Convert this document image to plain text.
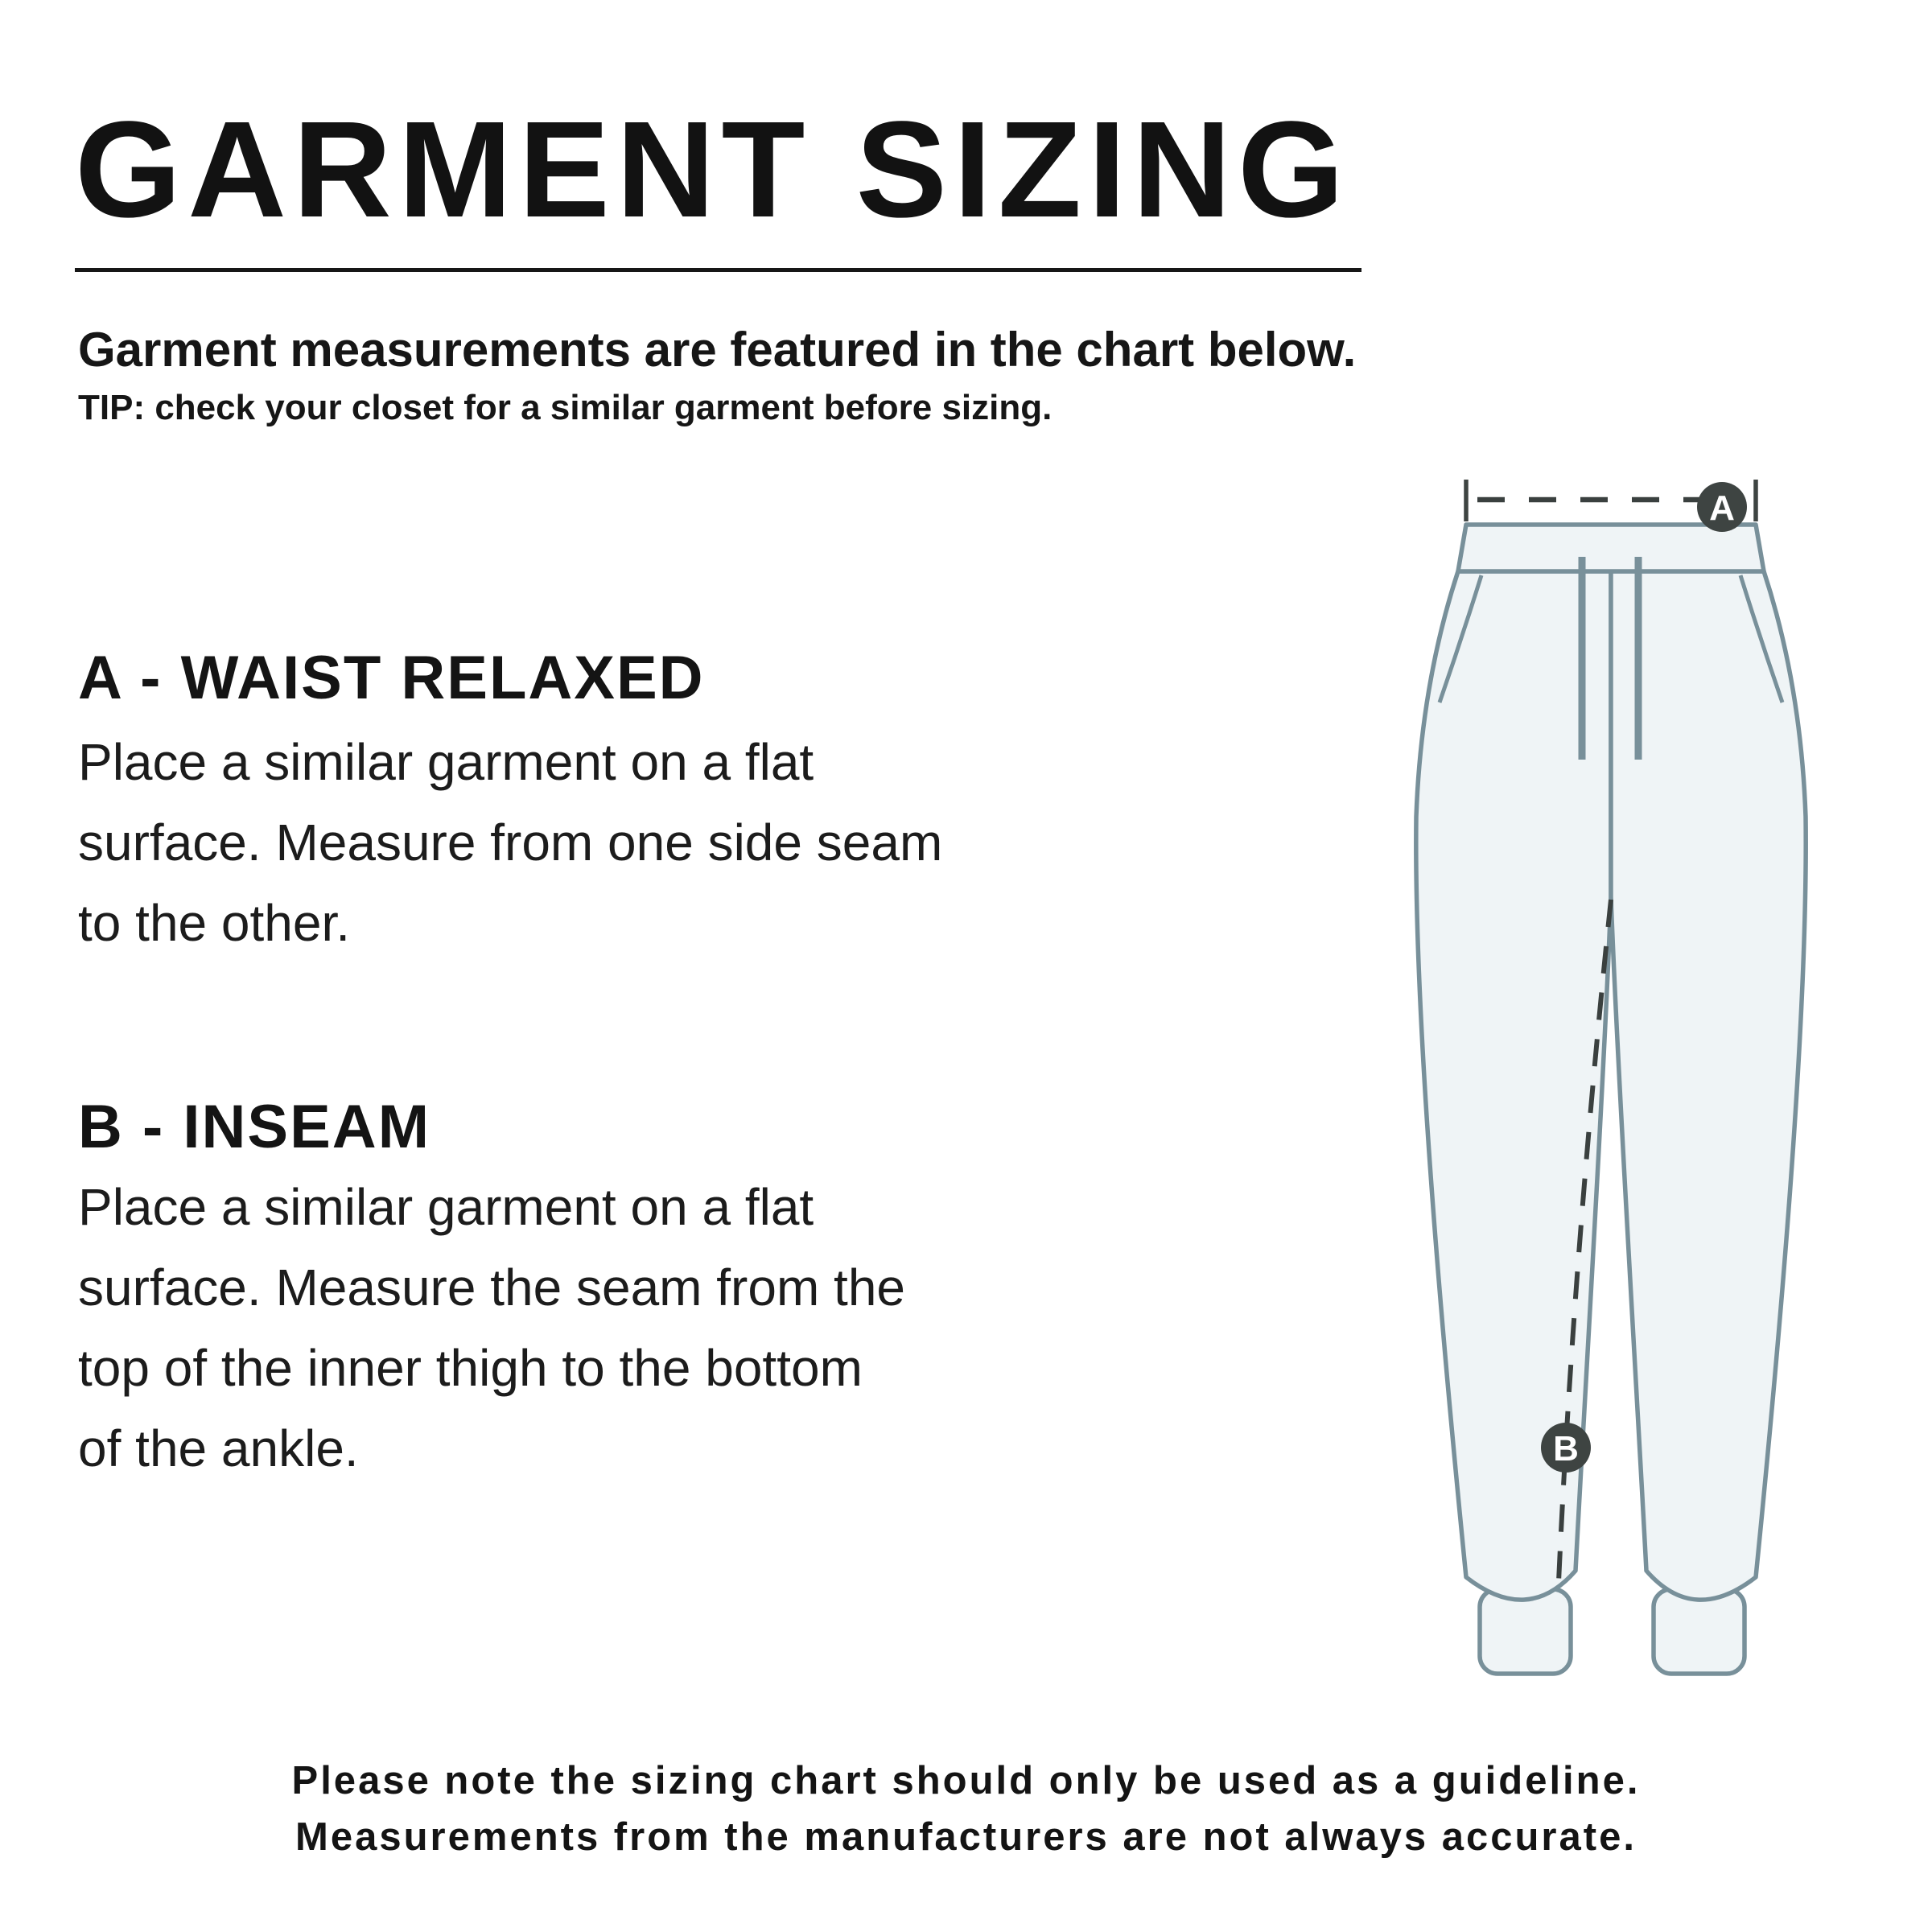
GARMENT SIZING
Garment measurements are featured in the chart below.
TIP: check your closet for a similar garment before sizing.
A - WAIST RELAXED
Place a similar garment on a flat
surface. Measure from one side seam
to the other.
B - INSEAM
Place a similar garment on a flat
surface. Measure the seam from the
top of the inner thigh to the bottom
of the ankle.
A
B
Please note the sizing chart should only be used as a guideline.
Measurements from the manufacturers are not always accurate.
